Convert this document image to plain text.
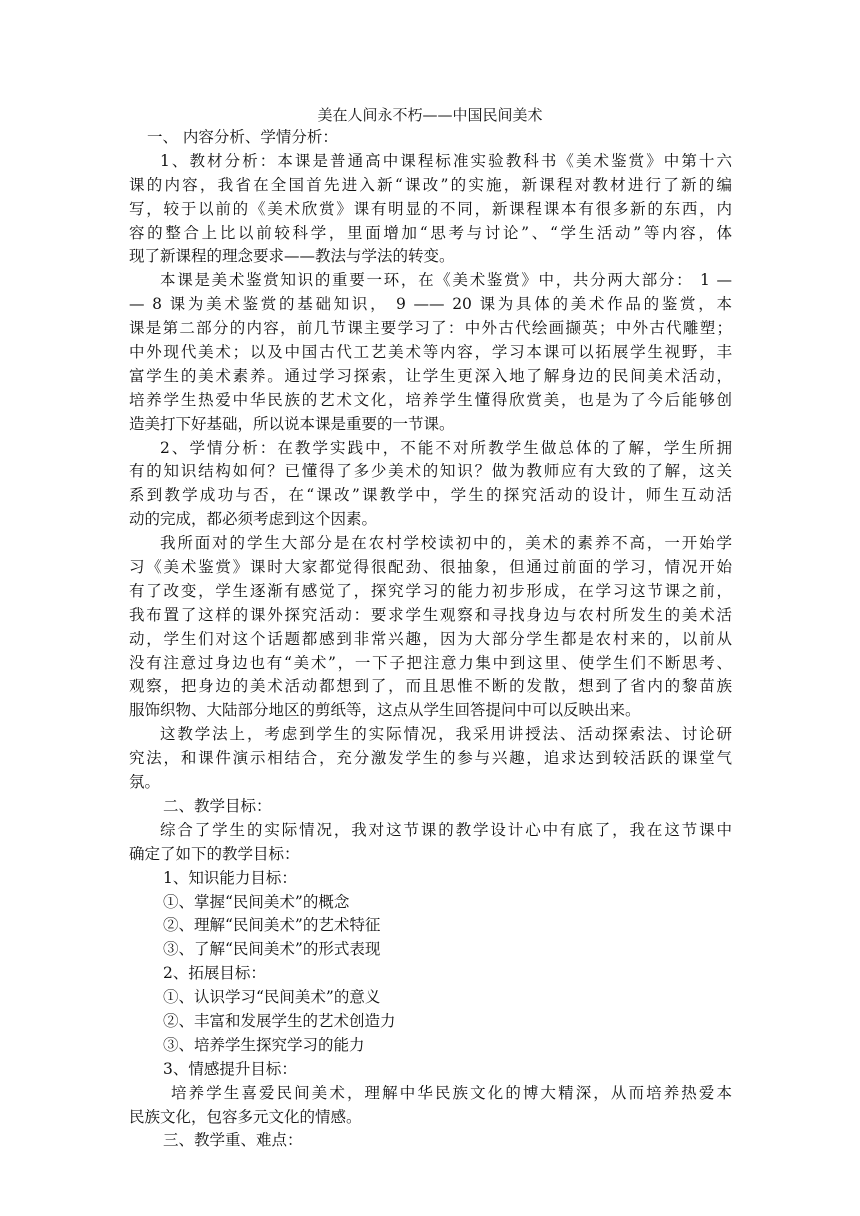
美在人间永不朽——中国民间美术
一、 内容分析、学情分析：
1、教材分析：本课是普通高中课程标准实验教科书《美术鉴赏》中第十六
课的内容，我省在全国首先进入新“课改”的实施，新课程对教材进行了新的编
写，较于以前的《美术欣赏》课有明显的不同，新课程课本有很多新的东西，内
容的整合上比以前较科学，里面增加“思考与讨论”、“学生活动”等内容，体
现了新课程的理念要求——教法与学法的转变。
本课是美术鉴赏知识的重要一环，在《美术鉴赏》中，共分两大部分： 1 —
— 8 课为美术鉴赏的基础知识， 9 —— 20 课为具体的美术作品的鉴赏，本
课是第二部分的内容，前几节课主要学习了：中外古代绘画撷英；中外古代雕塑；
中外现代美术；以及中国古代工艺美术等内容，学习本课可以拓展学生视野，丰
富学生的美术素养。通过学习探索，让学生更深入地了解身边的民间美术活动，
培养学生热爱中华民族的艺术文化，培养学生懂得欣赏美，也是为了今后能够创
造美打下好基础，所以说本课是重要的一节课。
2、学情分析：在教学实践中，不能不对所教学生做总体的了解，学生所拥
有的知识结构如何？已懂得了多少美术的知识？做为教师应有大致的了解，这关
系到教学成功与否，在“课改”课教学中，学生的探究活动的设计，师生互动活
动的完成，都必须考虑到这个因素。
我所面对的学生大部分是在农村学校读初中的，美术的素养不高，一开始学
习《美术鉴赏》课时大家都觉得很配劲、很抽象，但通过前面的学习，情况开始
有了改变，学生逐渐有感觉了，探究学习的能力初步形成，在学习这节课之前，
我布置了这样的课外探究活动：要求学生观察和寻找身边与农村所发生的美术活
动，学生们对这个话题都感到非常兴趣，因为大部分学生都是农村来的，以前从
没有注意过身边也有“美术”，一下子把注意力集中到这里、使学生们不断思考、
观察，把身边的美术活动都想到了，而且思惟不断的发散，想到了省内的黎苗族
服饰织物、大陆部分地区的剪纸等，这点从学生回答提问中可以反映出来。
这教学法上，考虑到学生的实际情况，我采用讲授法、活动探索法、讨论研
究法，和课件演示相结合，充分激发学生的参与兴趣，追求达到较活跃的课堂气
氛。
二、教学目标：
综合了学生的实际情况，我对这节课的教学设计心中有底了，我在这节课中
确定了如下的教学目标：
1、知识能力目标：
①、掌握“民间美术”的概念
②、理解“民间美术”的艺术特征
③、了解“民间美术”的形式表现
2、拓展目标：
①、认识学习“民间美术”的意义
②、丰富和发展学生的艺术创造力
③、培养学生探究学习的能力
3、情感提升目标：
培养学生喜爱民间美术，理解中华民族文化的博大精深，从而培养热爱本
民族文化，包容多元文化的情感。
三、教学重、难点：
